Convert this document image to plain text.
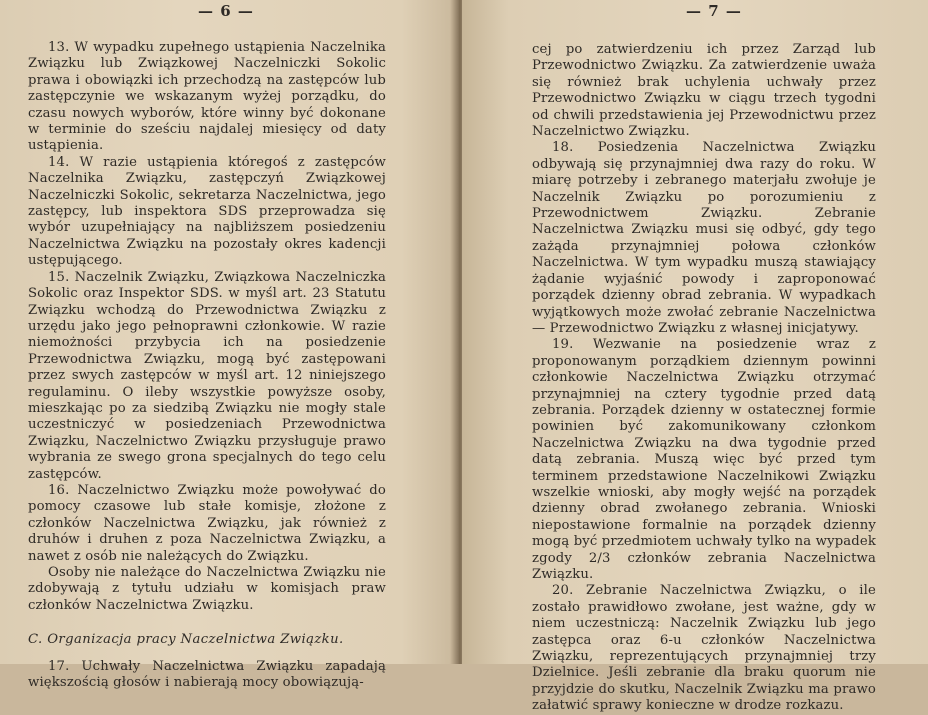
— 6 —

13. W wypadku zupełnego ustąpienia Naczelnika Związku lub Związkowej Naczelniczki Sokolic prawa i obowiązki ich przechodzą na zastępców lub zastępczynie we wskazanym wyżej porządku, do czasu nowych wyborów, które winny być dokonane w terminie do sześciu najdalej miesięcy od daty ustąpienia.

14. W razie ustąpienia któregoś z zastępców Naczelnika Związku, zastępczyń Związkowej Naczelniczki Sokolic, sekretarza Naczelnictwa, jego zastępcy, lub inspektora SDS przeprowadza się wybór uzupełniający na najbliższem posiedzeniu Naczelnictwa Związku na pozostały okres kadencji ustępującego.

15. Naczelnik Związku, Związkowa Naczelniczka Sokolic oraz Inspektor SDS. w myśl art. 23 Statutu Związku wchodzą do Przewodnictwa Związku z urzędu jako jego pełnoprawni członkowie. W razie niemożności przybycia ich na posiedzenie Przewodnictwa Związku, mogą być zastępowani przez swych zastępców w myśl art. 12 niniejszego regulaminu. O ileby wszystkie powyższe osoby, mieszkając po za siedzibą Związku nie mogły stale uczestniczyć w posiedzeniach Przewodnictwa Związku, Naczelnictwo Związku przysługuje prawo wybrania ze swego grona specjalnych do tego celu zastępców.

16. Naczelnictwo Związku może powoływać do pomocy czasowe lub stałe komisje, złożone z członków Naczelnictwa Związku, jak również z druhów i druhen z poza Naczelnictwa Związku, a nawet z osób nie należących do Związku.

Osoby nie należące do Naczelnictwa Związku nie zdobywają z tytułu udziału w komisjach praw członków Naczelnictwa Związku.

C. Organizacja pracy Naczelnictwa Związku.

17. Uchwały Naczelnictwa Związku zapadają większością głosów i nabierają mocy obowiązują-

— 7 —

cej po zatwierdzeniu ich przez Zarząd lub Przewodnictwo Związku. Za zatwierdzenie uważa się również brak uchylenia uchwały przez Przewodnictwo Związku w ciągu trzech tygodni od chwili przedstawienia jej Przewodnictwu przez Naczelnictwo Związku.

18. Posiedzenia Naczelnictwa Związku odbywają się przynajmniej dwa razy do roku. W miarę potrzeby i zebranego materjału zwołuje je Naczelnik Związku po porozumieniu z Przewodnictwem Związku. Zebranie Naczelnictwa Związku musi się odbyć, gdy tego zażąda przynajmniej połowa członków Naczelnictwa. W tym wypadku muszą stawiający żądanie wyjaśnić powody i zaproponować porządek dzienny obrad zebrania. W wypadkach wyjątkowych może zwołać zebranie Naczelnictwa — Przewodnictwo Związku z własnej inicjatywy.

19. Wezwanie na posiedzenie wraz z proponowanym porządkiem dziennym powinni członkowie Naczelnictwa Związku otrzymać przynajmniej na cztery tygodnie przed datą zebrania. Porządek dzienny w ostatecznej formie powinien być zakomunikowany członkom Naczelnictwa Związku na dwa tygodnie przed datą zebrania. Muszą więc być przed tym terminem przedstawione Naczelnikowi Związku wszelkie wnioski, aby mogły wejść na porządek dzienny obrad zwołanego zebrania. Wnioski niepostawione formalnie na porządek dzienny mogą być przedmiotem uchwały tylko na wypadek zgody 2/3 członków zebrania Naczelnictwa Związku.

20. Zebranie Naczelnictwa Związku, o ile zostało prawidłowo zwołane, jest ważne, gdy w niem uczestniczą: Naczelnik Związku lub jego zastępca oraz 6-u członków Naczelnictwa Związku, reprezentujących przynajmniej trzy Dzielnice. Jeśli zebranie dla braku quorum nie przyjdzie do skutku, Naczelnik Związku ma prawo załatwić sprawy konieczne w drodze rozkazu.
